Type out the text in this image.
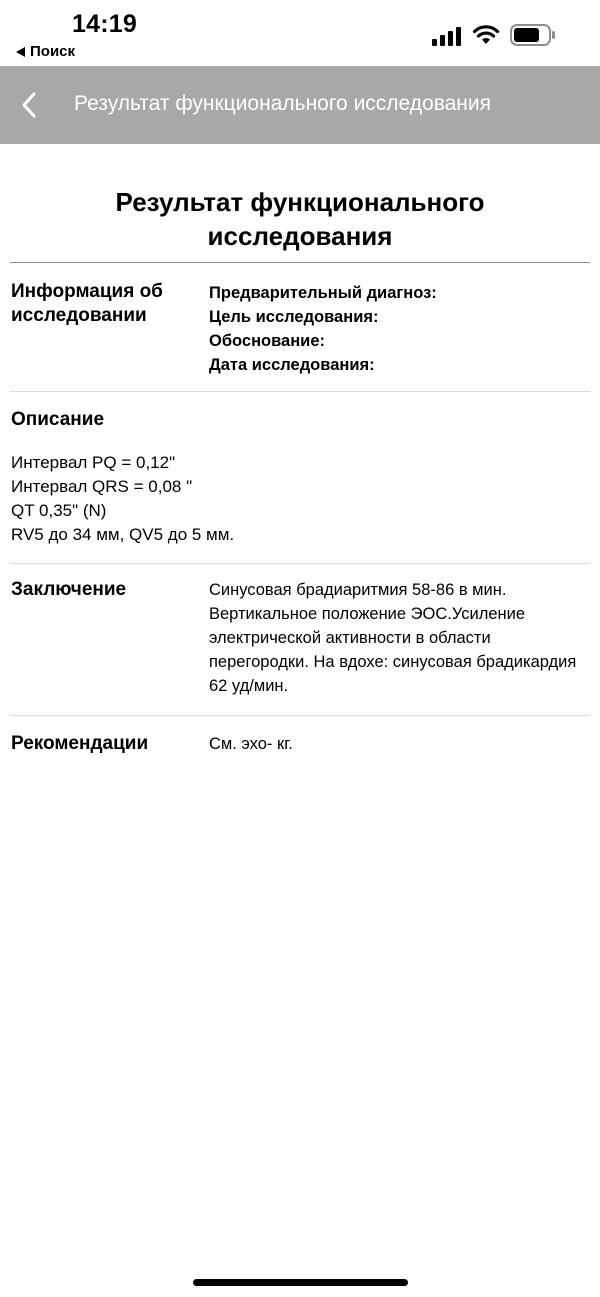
14:19
Поиск
Результат функционального исследования
Результат функционального исследования
Информация об исследовании
Предварительный диагноз:
Цель исследования:
Обоснование:
Дата исследования:
Описание
Интервал PQ = 0,12"
Интервал QRS = 0,08 "
QT 0,35" (N)
RV5 до 34 мм, QV5 до 5 мм.
Заключение	Синусовая брадиаритмия 58-86 в мин. Вертикальное положение ЭОС.Усиление электрической активности в области перегородки. На вдохе: синусовая брадикардия 62 уд/мин.
Рекомендации	См. эхо- кг.
